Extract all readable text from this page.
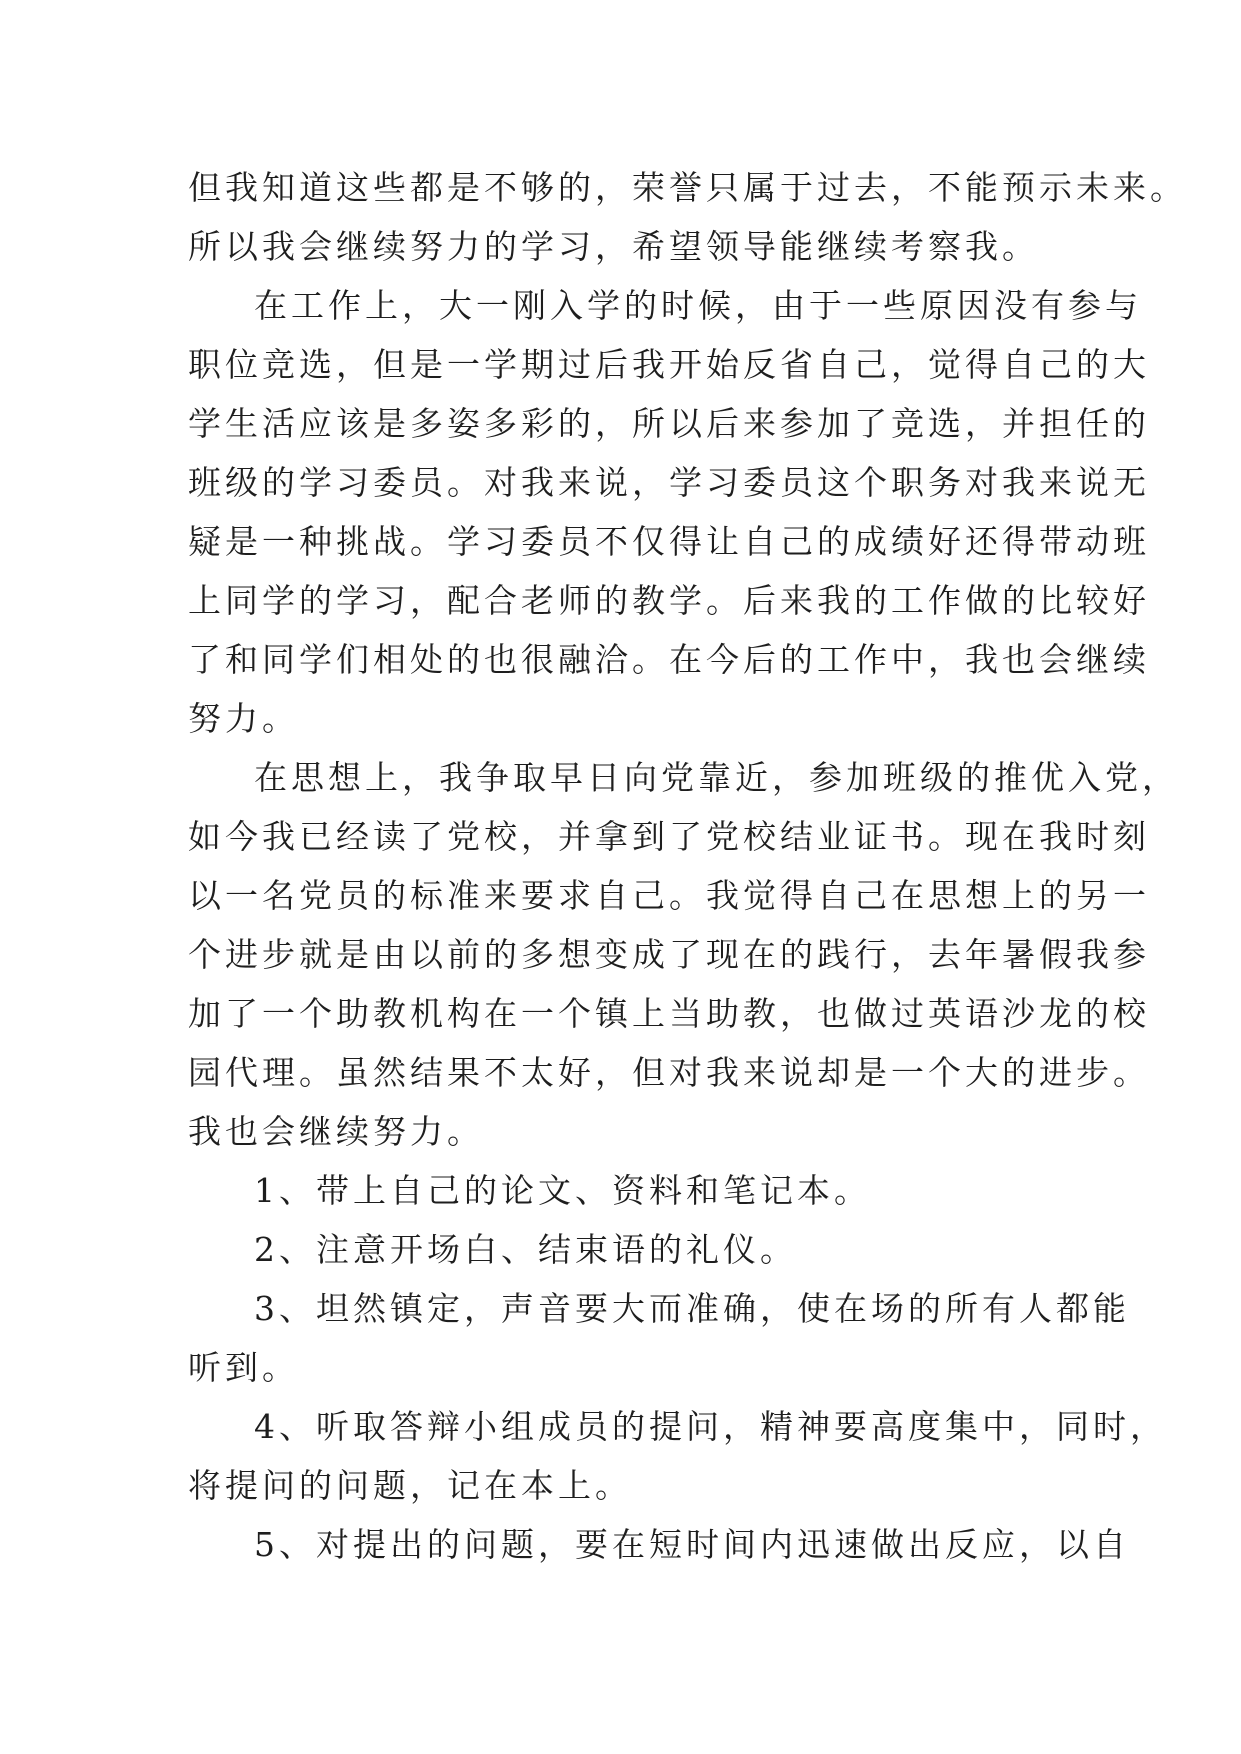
但我知道这些都是不够的，荣誉只属于过去，不能预示未来。
所以我会继续努力的学习，希望领导能继续考察我。
在工作上，大一刚入学的时候，由于一些原因没有参与
职位竞选，但是一学期过后我开始反省自己，觉得自己的大
学生活应该是多姿多彩的，所以后来参加了竞选，并担任的
班级的学习委员。对我来说，学习委员这个职务对我来说无
疑是一种挑战。学习委员不仅得让自己的成绩好还得带动班
上同学的学习，配合老师的教学。后来我的工作做的比较好
了和同学们相处的也很融洽。在今后的工作中，我也会继续
努力。
在思想上，我争取早日向党靠近，参加班级的推优入党，
如今我已经读了党校，并拿到了党校结业证书。现在我时刻
以一名党员的标准来要求自己。我觉得自己在思想上的另一
个进步就是由以前的多想变成了现在的践行，去年暑假我参
加了一个助教机构在一个镇上当助教，也做过英语沙龙的校
园代理。虽然结果不太好，但对我来说却是一个大的进步。
我也会继续努力。
1、带上自己的论文、资料和笔记本。
2、注意开场白、结束语的礼仪。
3、坦然镇定，声音要大而准确，使在场的所有人都能
听到。
4、听取答辩小组成员的提问，精神要高度集中，同时，
将提问的问题，记在本上。
5、对提出的问题，要在短时间内迅速做出反应，以自
